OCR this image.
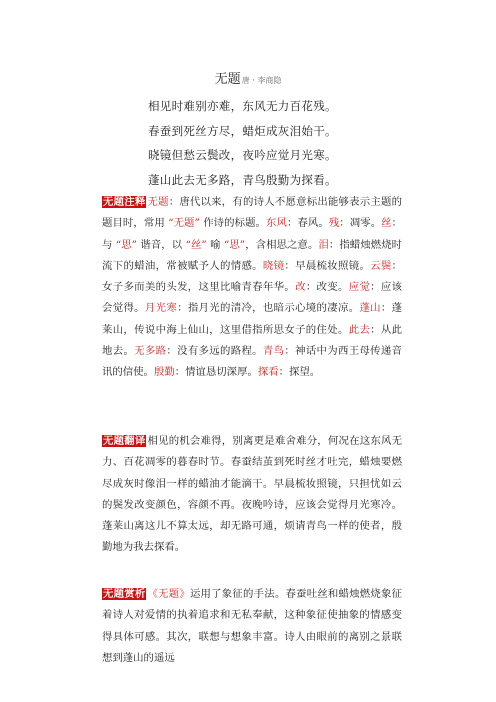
无题唐 · 李商隐
相见时难别亦难，东风无力百花残。
春蚕到死丝方尽，蜡炬成灰泪始干。
晓镜但愁云鬓改，夜吟应觉月光寒。
蓬山此去无多路，青鸟殷勤为探看。
无题注释 无题：唐代以来，有的诗人不愿意标出能够表示主题的题目时，常用 “无题” 作诗的标题。东风：春风。残：凋零。丝：与 “思” 谐音，以 “丝” 喻 “思”，含相思之意。泪：指蜡烛燃烧时流下的蜡油，常被赋予人的情感。晓镜：早晨梳妆照镜。云鬓：女子多而美的头发，这里比喻青春年华。改：改变。应觉：应该会觉得。月光寒：指月光的清冷，也暗示心境的凄凉。蓬山：蓬莱山，传说中海上仙山，这里借指所思女子的住处。此去：从此地去。无多路：没有多远的路程。青鸟：神话中为西王母传递音讯的信使。殷勤：情谊恳切深厚。探看：探望。
无题翻译 相见的机会难得，别离更是难舍难分，何况在这东风无力、百花凋零的暮春时节。春蚕结茧到死时丝才吐完，蜡烛要燃尽成灰时像泪一样的蜡油才能滴干。早晨梳妆照镜，只担忧如云的鬓发改变颜色，容颜不再。夜晚吟诗，应该会觉得月光寒冷。蓬莱山离这儿不算太远，却无路可通，烦请青鸟一样的使者，殷勤地为我去探看。
无题赏析 《无题》运用了象征的手法。春蚕吐丝和蜡烛燃烧象征着诗人对爱情的执着追求和无私奉献，这种象征使抽象的情感变得具体可感。其次，联想与想象丰富。诗人由眼前的离别之景联想到蓬山的遥远
